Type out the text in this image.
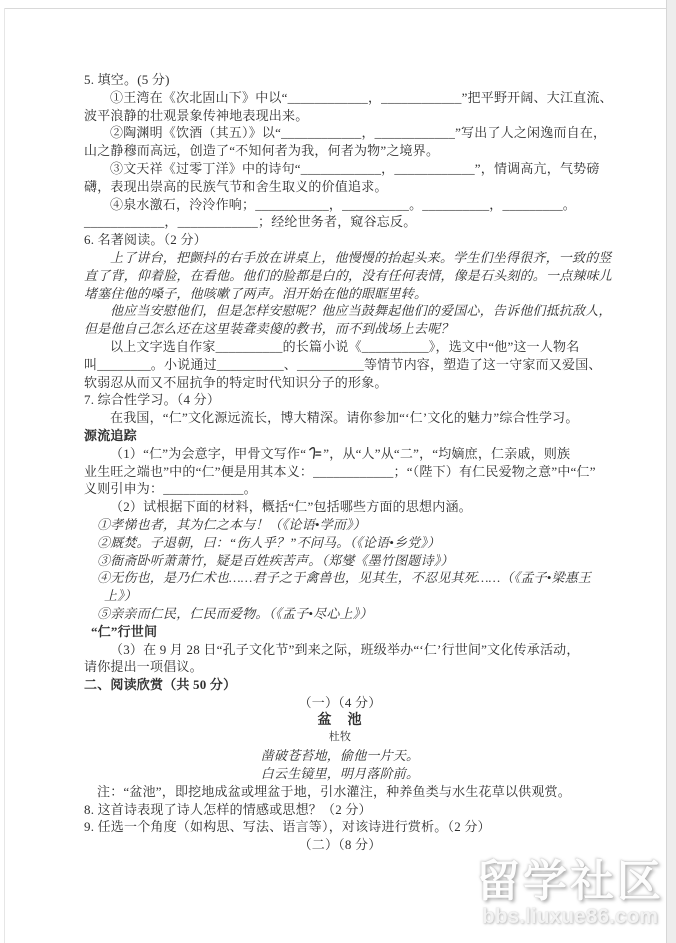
5. 填空。(5 分)
①王湾在《次北固山下》中以“____________，____________”把平野开阔、大江直流、
波平浪静的壮观景象传神地表现出来。
②陶渊明《饮酒（其五）》以“____________，____________”写出了人之闲逸而自在，
山之静穆而高远，创造了“不知何者为我，何者为物”之境界。
③文天祥《过零丁洋》中的诗句“____________，____________”，情调高亢，气势磅
礴，表现出崇高的民族气节和舍生取义的价值追求。
④泉水激石，泠泠作响；___________，__________。__________，_________。
____________，____________；经纶世务者，窥谷忘反。
6. 名著阅读。（2 分）
上了讲台，把颤抖的右手放在讲桌上，他慢慢的抬起头来。学生们坐得很齐，一致的竖
直了背，仰着脸，在看他。他们的脸都是白的，没有任何表情，像是石头刻的。一点辣味儿
堵塞住他的嗓子，他咳嗽了两声。泪开始在他的眼眶里转。
他应当安慰他们，但是怎样安慰呢？他应当鼓舞起他们的爱国心，告诉他们抵抗敌人，
但是他自己怎么还在这里装聋卖傻的教书，而不到战场上去呢？
以上文字选自作家__________的长篇小说《__________》，选文中“他”这一人物名
叫________。小说通过__________、__________等情节内容，塑造了这一守家而又爱国、
软弱忍从而又不屈抗争的特定时代知识分子的形象。
7. 综合性学习。（4 分）
在我国，“仁”文化源远流长，博大精深。请你参加“‘仁’文化的魅力”综合性学习。
源流追踪
（1）“仁”为会意字，甲骨文写作“ ”，从“人”从“二”，“均嫡庶，仁亲戚，则族
业生旺之端也”中的“仁”便是用其本义：____________；“（陛下）有仁民爱物之意”中“仁”
义则引申为：____________。
（2）试根据下面的材料，概括“仁”包括哪些方面的思想内涵。
①孝悌也者，其为仁之本与！（《论语•学而》）
②厩焚。子退朝，曰：“伤人乎？”不问马。（《论语•乡党》）
③衙斋卧听萧萧竹，疑是百姓疾苦声。（郑燮《墨竹图题诗》）
④无伤也，是乃仁术也……君子之于禽兽也，见其生，不忍见其死……（《孟子•梁惠王
上》）
⑤亲亲而仁民，仁民而爱物。（《孟子•尽心上》）
“仁”行世间
（3）在 9 月 28 日“孔子文化节”到来之际，班级举办“‘仁’行世间”文化传承活动，
请你提出一项倡议。
二、阅读欣赏（共 50 分）
（一）（4 分）
盆　池
杜牧
凿破苍苔地，偷他一片天。
白云生镜里，明月落阶前。
注：“盆池”，即挖地成盆或埋盆于地，引水灌注，种养鱼类与水生花草以供观赏。
8. 这首诗表现了诗人怎样的情感或思想？（2 分）
9. 任选一个角度（如构思、写法、语言等），对该诗进行赏析。（2 分）
（二）（8 分）
留学社区
bbs.liuxue86.com
